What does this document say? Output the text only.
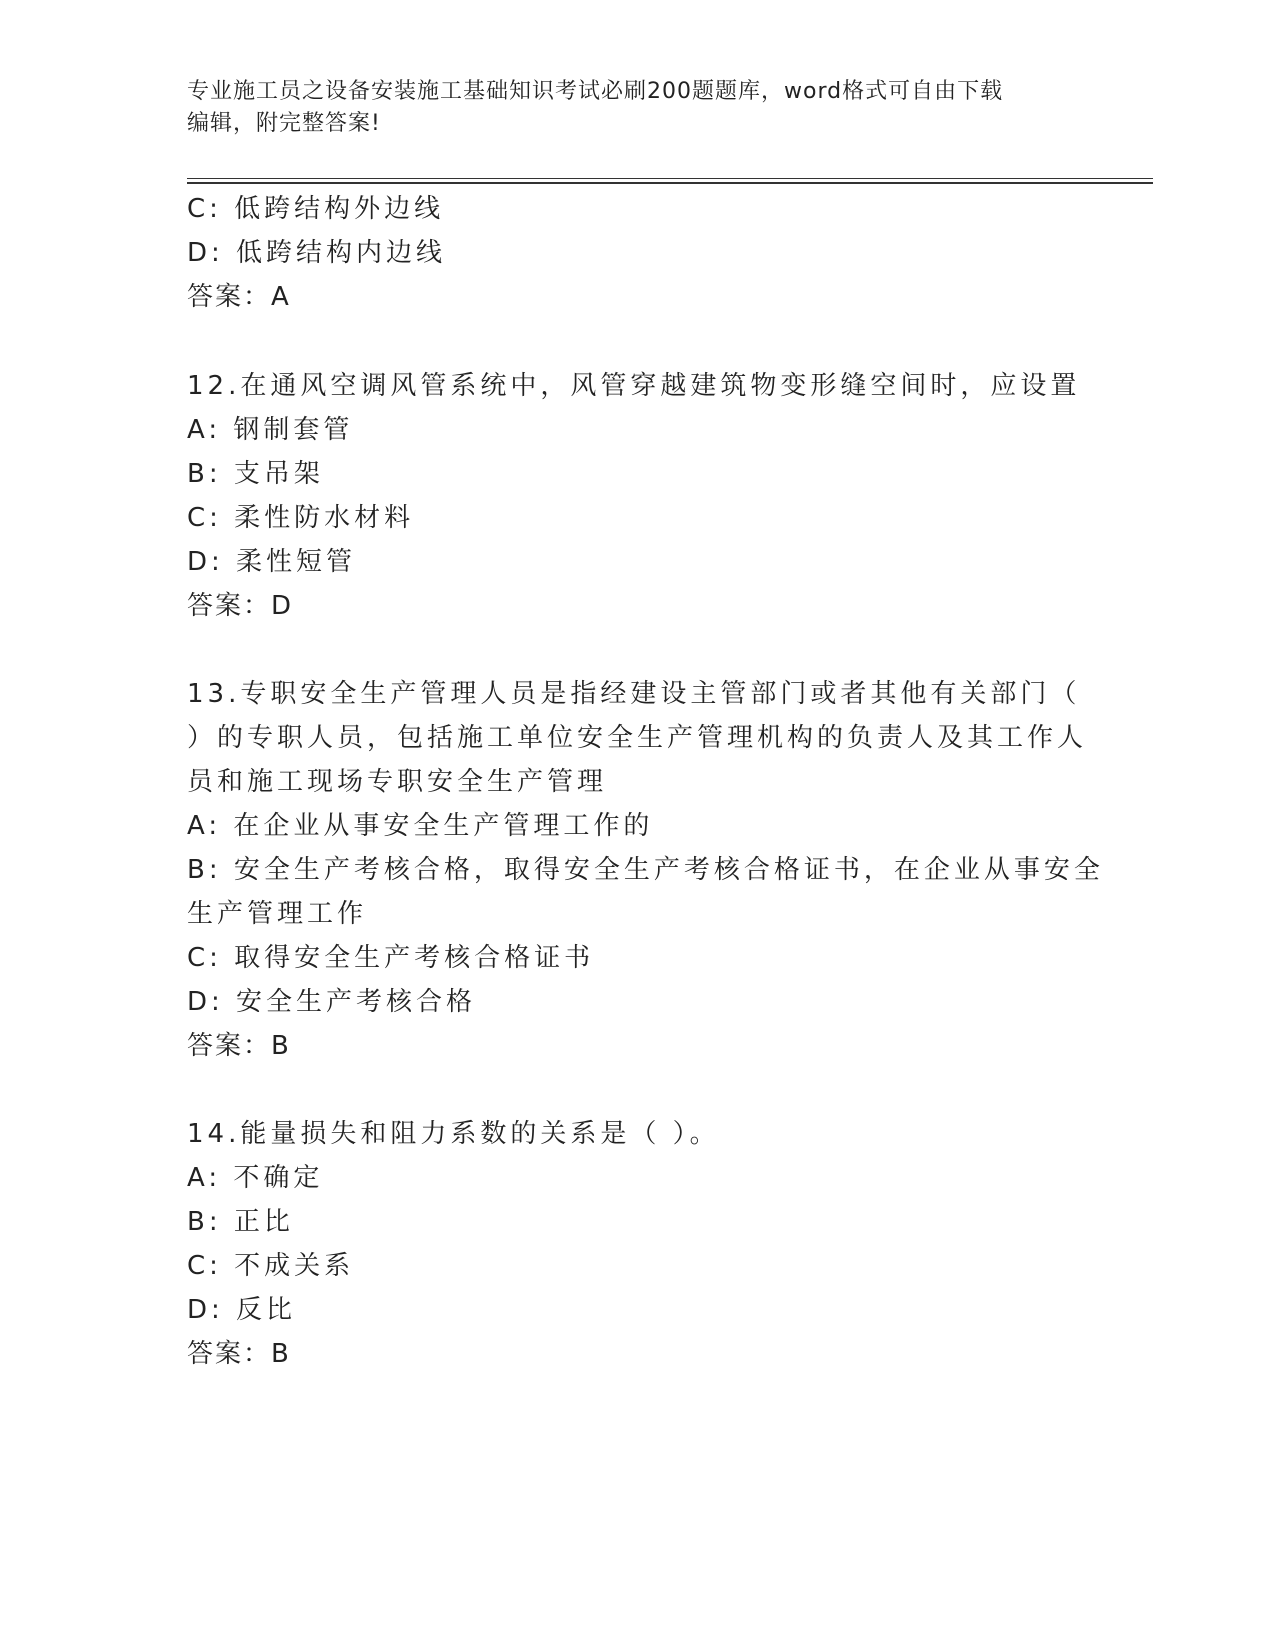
专业施工员之设备安装施工基础知识考试必刷200题题库，word格式可自由下载
编辑，附完整答案!
C: 低跨结构外边线
D: 低跨结构内边线
答案：A
12.在通风空调风管系统中，风管穿越建筑物变形缝空间时，应设置
A: 钢制套管
B: 支吊架
C: 柔性防水材料
D: 柔性短管
答案：D
13.专职安全生产管理人员是指经建设主管部门或者其他有关部门（
）的专职人员，包括施工单位安全生产管理机构的负责人及其工作人
员和施工现场专职安全生产管理
A: 在企业从事安全生产管理工作的
B: 安全生产考核合格，取得安全生产考核合格证书，在企业从事安全
生产管理工作
C: 取得安全生产考核合格证书
D: 安全生产考核合格
答案：B
14.能量损失和阻力系数的关系是（ ）。
A: 不确定
B: 正比
C: 不成关系
D: 反比
答案：B
